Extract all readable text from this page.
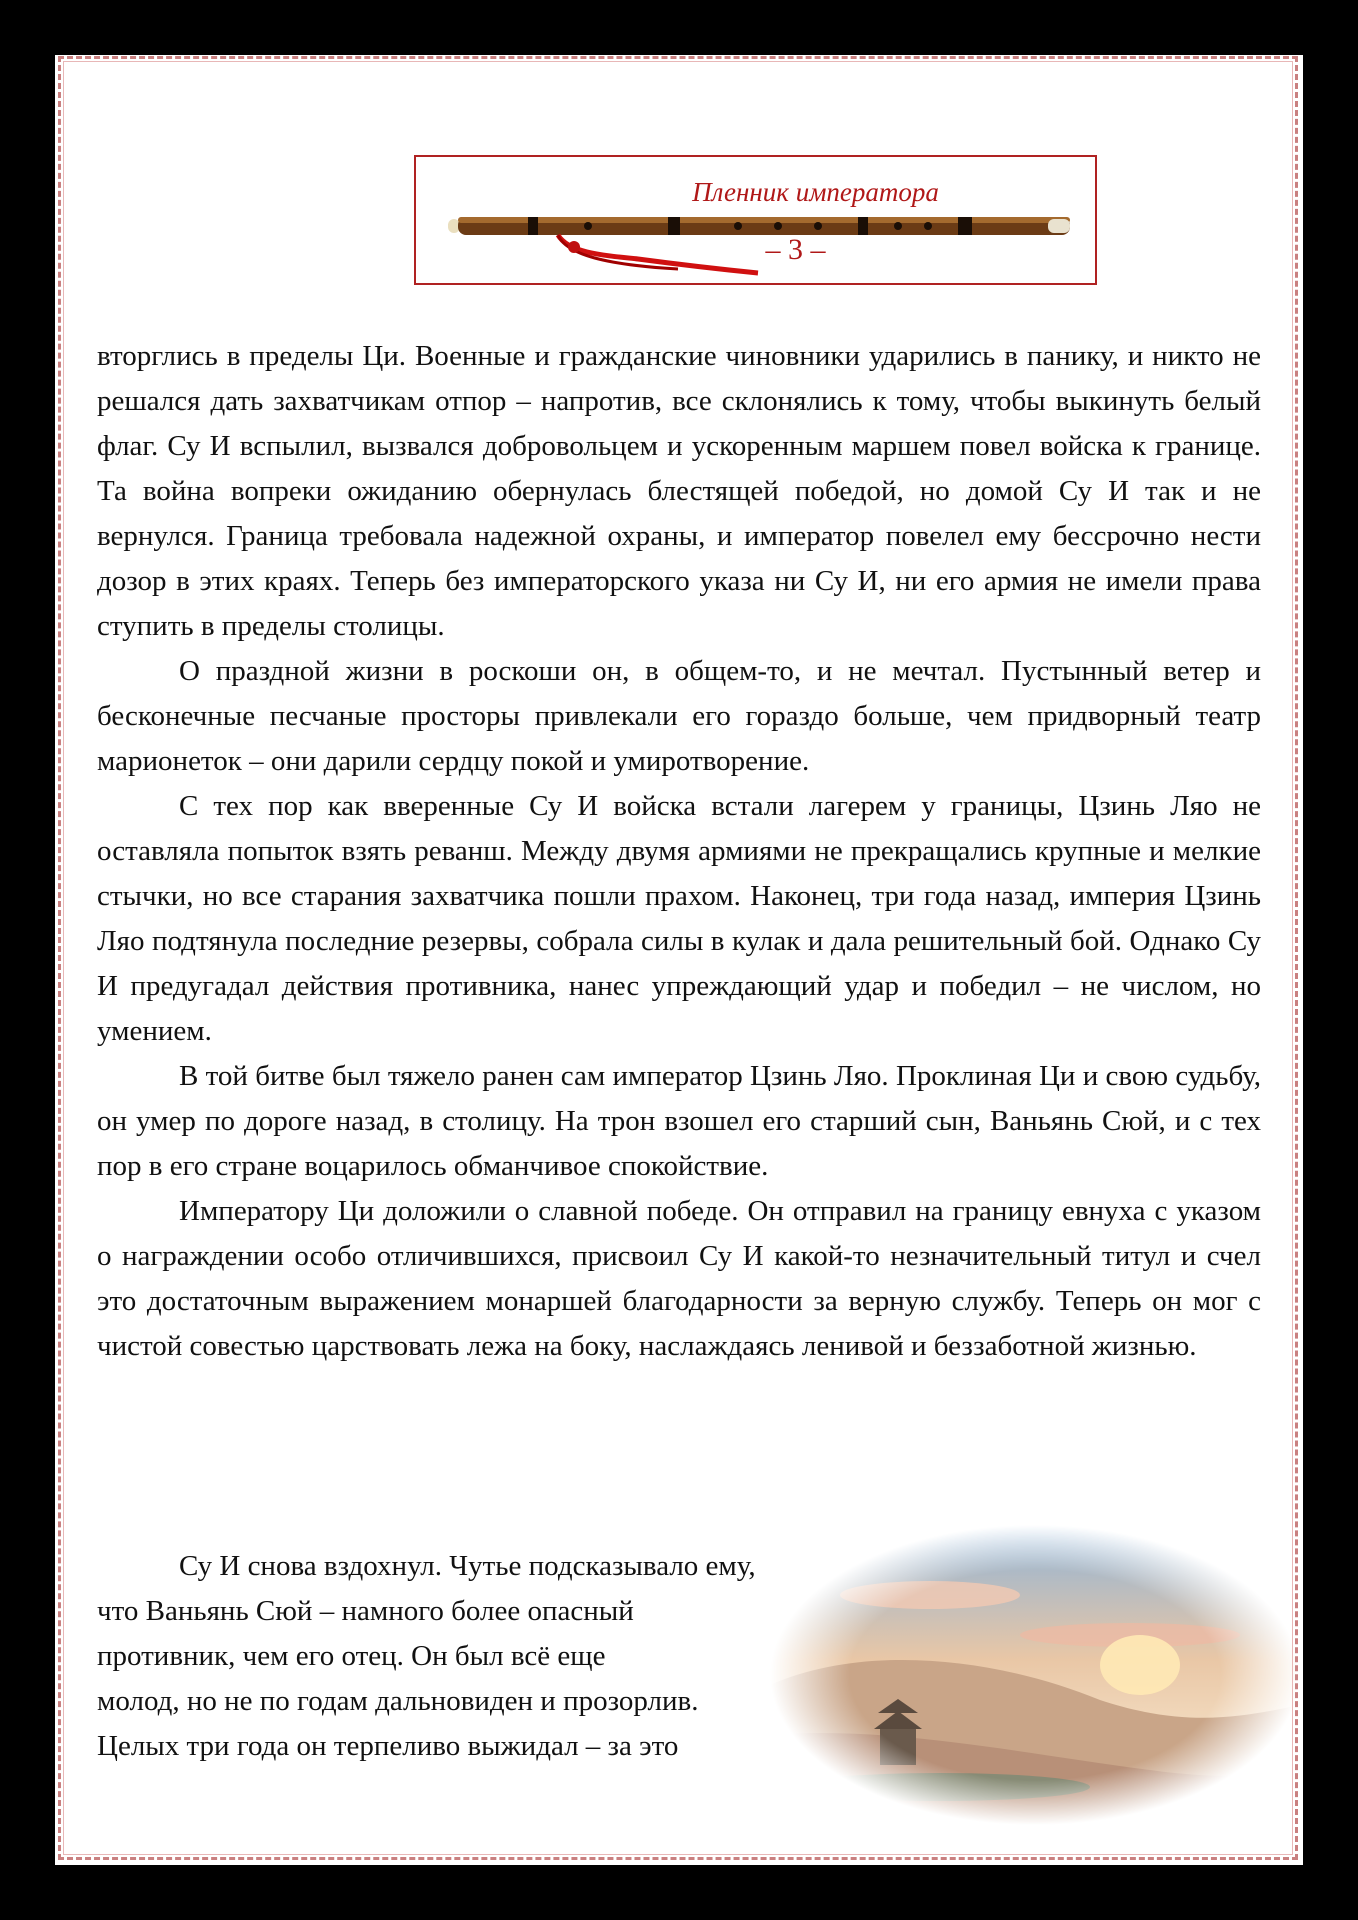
Пленник императора
– 3 –

вторглись в пределы Ци. Военные и гражданские чиновники ударились в панику, и никто не решался дать захватчикам отпор – напротив, все склонялись к тому, чтобы выкинуть белый флаг. Су И вспылил, вызвался добровольцем и ускоренным маршем повел войска к границе. Та война вопреки ожиданию обернулась блестящей победой, но домой Су И так и не вернулся. Граница требовала надежной охраны, и император повелел ему бессрочно нести дозор в этих краях. Теперь без императорского указа ни Су И, ни его армия не имели права ступить в пределы столицы.

О праздной жизни в роскоши он, в общем-то, и не мечтал. Пустынный ветер и бесконечные песчаные просторы привлекали его гораздо больше, чем придворный театр марионеток – они дарили сердцу покой и умиротворение.

С тех пор как вверенные Су И войска встали лагерем у границы, Цзинь Ляо не оставляла попыток взять реванш. Между двумя армиями не прекращались крупные и мелкие стычки, но все старания захватчика пошли прахом. Наконец, три года назад, империя Цзинь Ляо подтянула последние резервы, собрала силы в кулак и дала решительный бой. Однако Су И предугадал действия противника, нанес упреждающий удар и победил – не числом, но умением.

В той битве был тяжело ранен сам император Цзинь Ляо. Проклиная Ци и свою судьбу, он умер по дороге назад, в столицу. На трон взошел его старший сын, Ваньянь Сюй, и с тех пор в его стране воцарилось обманчивое спокойствие.

Императору Ци доложили о славной победе. Он отправил на границу евнуха с указом о награждении особо отличившихся, присвоил Су И какой-то незначительный титул и счел это достаточным выражением монаршей благодарности за верную службу. Теперь он мог с чистой совестью царствовать лежа на боку, наслаждаясь ленивой и беззаботной жизнью.

Су И снова вздохнул. Чутье подсказывало ему,
что Ваньянь Сюй – намного более опасный
противник, чем его отец. Он был всё еще
молод, но не по годам дальновиден и прозорлив.
Целых три года он терпеливо выжидал – за это
